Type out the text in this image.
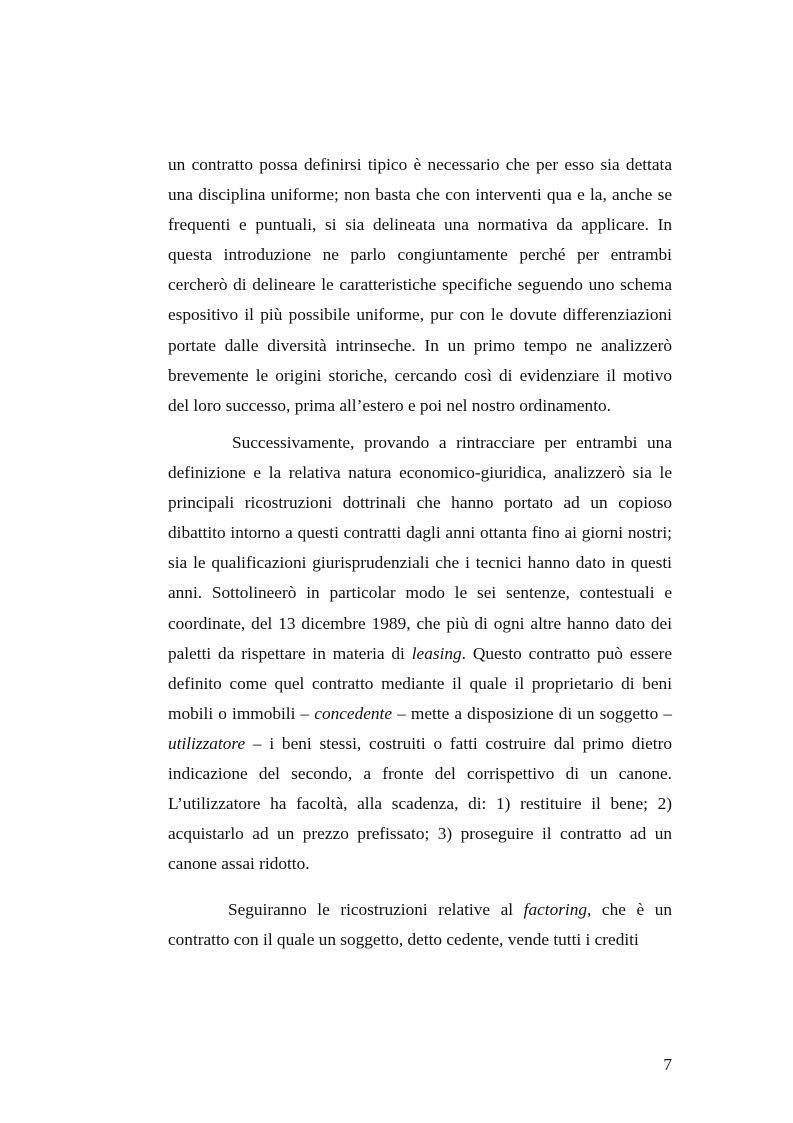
un contratto possa definirsi tipico è necessario che per esso sia dettata una disciplina uniforme; non basta che con interventi qua e la, anche se frequenti e puntuali, si sia delineata una normativa da applicare. In questa introduzione ne parlo congiuntamente perché per entrambi cercherò di delineare le caratteristiche specifiche seguendo uno schema espositivo il più possibile uniforme, pur con le dovute differenziazioni portate dalle diversità intrinseche. In un primo tempo ne analizzerò brevemente le origini storiche, cercando così di evidenziare il motivo del loro successo, prima all’estero e poi nel nostro ordinamento.

Successivamente, provando a rintracciare per entrambi una definizione e la relativa natura economico-giuridica, analizzerò sia le principali ricostruzioni dottrinali che hanno portato ad un copioso dibattito intorno a questi contratti dagli anni ottanta fino ai giorni nostri; sia le qualificazioni giurisprudenziali che i tecnici hanno dato in questi anni. Sottolineerò in particolar modo le sei sentenze, contestuali e coordinate, del 13 dicembre 1989, che più di ogni altre hanno dato dei paletti da rispettare in materia di leasing. Questo contratto può essere definito come quel contratto mediante il quale il proprietario di beni mobili o immobili – concedente – mette a disposizione di un soggetto – utilizzatore – i beni stessi, costruiti o fatti costruire dal primo dietro indicazione del secondo, a fronte del corrispettivo di un canone. L’utilizzatore ha facoltà, alla scadenza, di: 1) restituire il bene; 2) acquistarlo ad un prezzo prefissato; 3) proseguire il contratto ad un canone assai ridotto.

Seguiranno le ricostruzioni relative al factoring, che è un contratto con il quale un soggetto, detto cedente, vende tutti i crediti

7
